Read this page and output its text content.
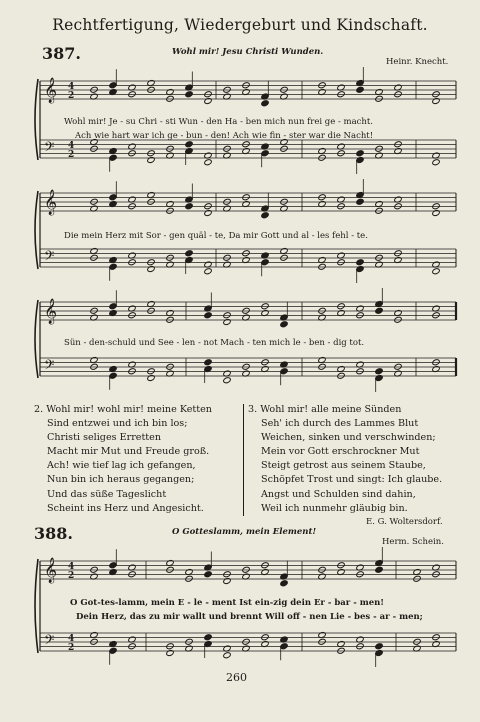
Rechtfertigung, Wiedergeburt und Kindschaft.
387.	Wohl mir! Jesu Christi Wunden.
Heinr. Knecht.
𝄞
𝄢
4
2
4
2
Wohl mir! Je - su Chri - sti Wun - den Ha - ben mich nun frei ge - macht.
Ach wie hart war ich ge - bun - den! Ach wie fin - ster war die Nacht!
𝄞
𝄢
Die mein Herz mit Sor - gen quäl - te, Da mir Gott und al - les fehl - te.
𝄞
𝄢
Sün - den-schuld und See - len - not Mach - ten mich le - ben - dig tot.
2. Wohl mir! wohl mir! meine Ketten
Sind entzwei und ich bin los;
Christi seliges Erretten
Macht mir Mut und Freude groß.
Ach! wie tief lag ich gefangen,
Nun bin ich heraus gegangen;
Und das süße Tageslicht
Scheint ins Herz und Angesicht.
3. Wohl mir! alle meine Sünden
Seh' ich durch des Lammes Blut
Weichen, sinken und verschwinden;
Mein vor Gott erschrockner Mut
Steigt getrost aus seinem Staube,
Schöpfet Trost und singt: Ich glaube.
Angst und Schulden sind dahin,
Weil ich nunmehr gläubig bin.
E. G. Woltersdorf.
388.	O Gotteslamm, mein Element!
Herm. Schein.
𝄞
𝄢
4
2
4
2
O Got-tes-lamm, mein E - le - ment Ist ein-zig dein Er - bar - men!
Dein Herz, das zu mir wallt und brennt Will off - nen Lie - bes - ar - men;
260
